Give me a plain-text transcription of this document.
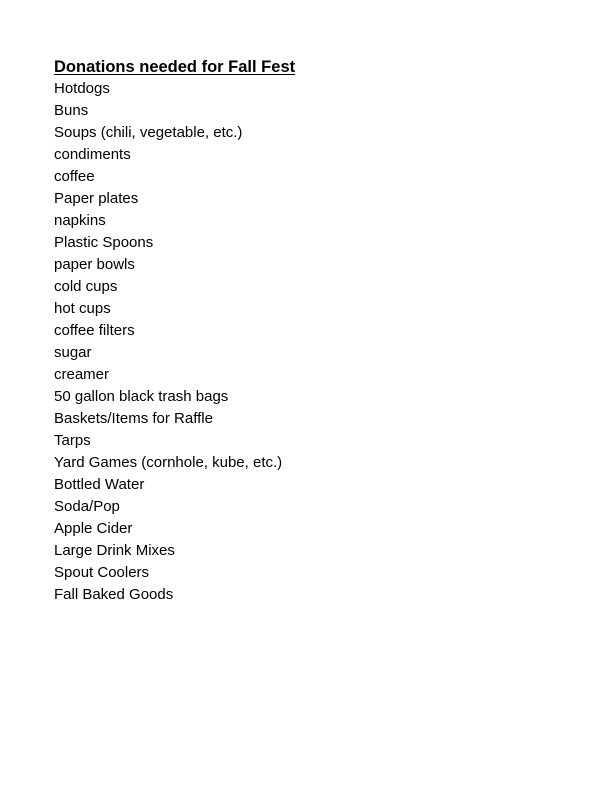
Donations needed for Fall Fest
Hotdogs
Buns
Soups (chili, vegetable, etc.)
condiments
coffee
Paper plates
napkins
Plastic Spoons
paper bowls
cold cups
hot cups
coffee filters
sugar
creamer
50 gallon black trash bags
Baskets/Items for Raffle
Tarps
Yard Games (cornhole, kube, etc.)
Bottled Water
Soda/Pop
Apple Cider
Large Drink Mixes
Spout Coolers
Fall Baked Goods
